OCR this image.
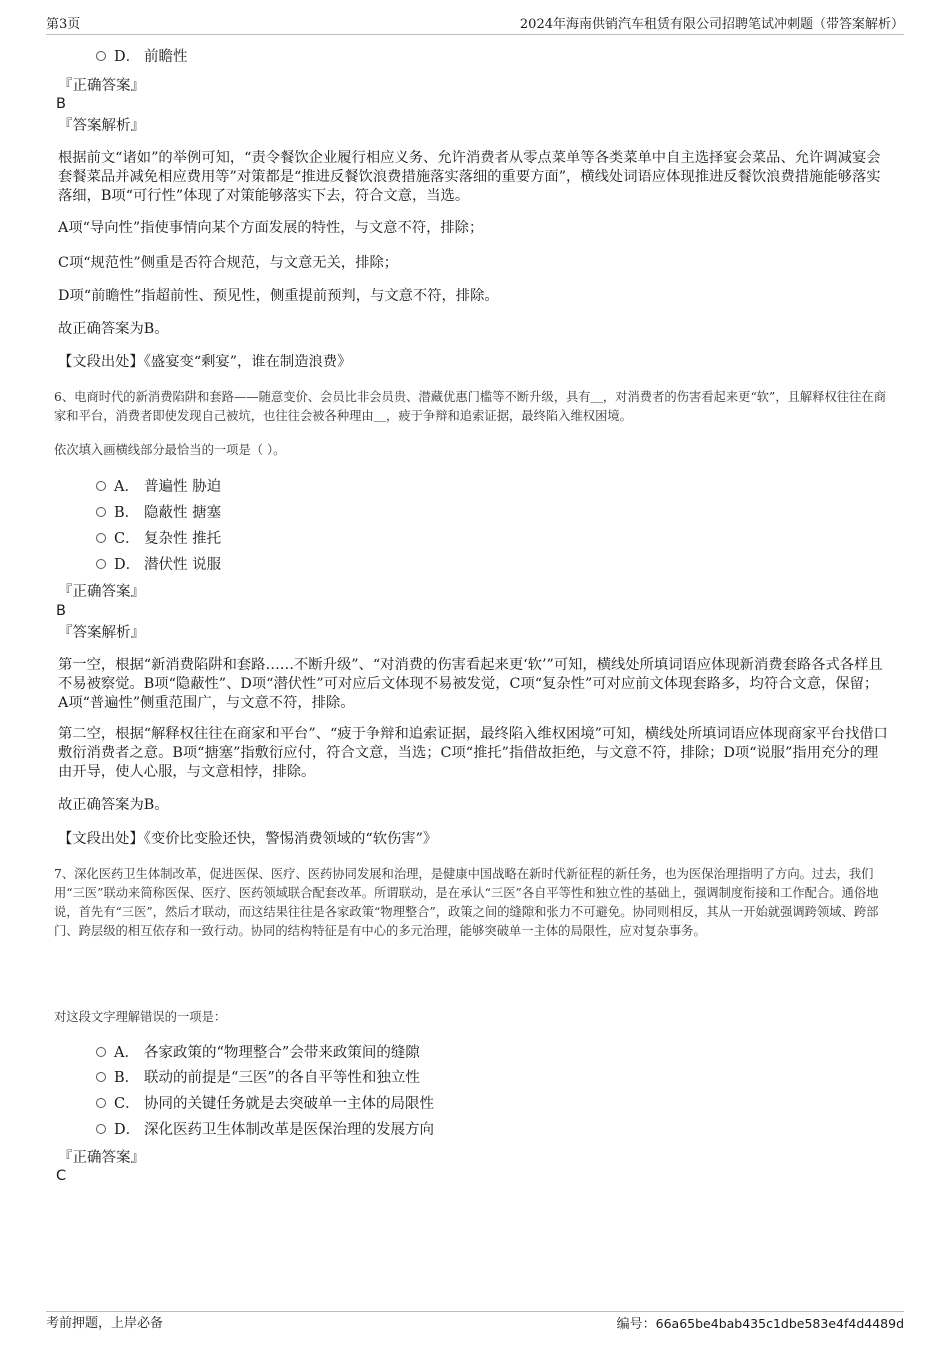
第3页	2024年海南供销汽车租赁有限公司招聘笔试冲刺题（带答案解析）
D． 前瞻性
『正确答案』
B
『答案解析』
根据前文“诸如”的举例可知，“责令餐饮企业履行相应义务、允许消费者从零点菜单等各类菜单中自主选择宴会菜品、允许调减宴会套餐菜品并减免相应费用等”对策都是“推进反餐饮浪费措施落实落细的重要方面”，横线处词语应体现推进反餐饮浪费措施能够落实落细，B项“可行性”体现了对策能够落实下去，符合文意，当选。
A项“导向性”指使事情向某个方面发展的特性，与文意不符，排除；
C项“规范性”侧重是否符合规范，与文意无关，排除；
D项“前瞻性”指超前性、预见性，侧重提前预判，与文意不符，排除。
故正确答案为B。
【文段出处】《盛宴变“剩宴”，谁在制造浪费》
6、电商时代的新消费陷阱和套路——随意变价、会员比非会员贵、潜藏优惠门槛等不断升级，具有＿，对消费者的伤害看起来更“软”，且解释权往往在商家和平台，消费者即使发现自己被坑，也往往会被各种理由＿，疲于争辩和追索证据，最终陷入维权困境。
依次填入画横线部分最恰当的一项是（ ）。
A． 普遍性 胁迫
B． 隐蔽性 搪塞
C． 复杂性 推托
D． 潜伏性 说服
『正确答案』
B
『答案解析』
第一空，根据“新消费陷阱和套路……不断升级”、“对消费的伤害看起来更‘软’”可知，横线处所填词语应体现新消费套路各式各样且不易被察觉。B项“隐蔽性”、D项“潜伏性”可对应后文体现不易被发觉，C项“复杂性”可对应前文体现套路多，均符合文意，保留；A项“普遍性”侧重范围广，与文意不符，排除。
第二空，根据“解释权往往在商家和平台”、“疲于争辩和追索证据，最终陷入维权困境”可知，横线处所填词语应体现商家平台找借口敷衍消费者之意。B项“搪塞”指敷衍应付，符合文意，当选；C项“推托”指借故拒绝，与文意不符，排除；D项“说服”指用充分的理由开导，使人心服，与文意相悖，排除。
故正确答案为B。
【文段出处】《变价比变脸还快，警惕消费领域的“软伤害”》
7、深化医药卫生体制改革，促进医保、医疗、医药协同发展和治理，是健康中国战略在新时代新征程的新任务，也为医保治理指明了方向。过去，我们用“三医”联动来简称医保、医疗、医药领域联合配套改革。所谓联动，是在承认“三医”各自平等性和独立性的基础上，强调制度衔接和工作配合。通俗地说，首先有“三医”，然后才联动，而这结果往往是各家政策“物理整合”，政策之间的缝隙和张力不可避免。协同则相反，其从一开始就强调跨领域、跨部门、跨层级的相互依存和一致行动。协同的结构特征是有中心的多元治理，能够突破单一主体的局限性，应对复杂事务。
对这段文字理解错误的一项是：
A． 各家政策的“物理整合”会带来政策间的缝隙
B． 联动的前提是“三医”的各自平等性和独立性
C． 协同的关键任务就是去突破单一主体的局限性
D． 深化医药卫生体制改革是医保治理的发展方向
『正确答案』
C
考前押题，上岸必备	编号：66a65be4bab435c1dbe583e4f4d4489d
